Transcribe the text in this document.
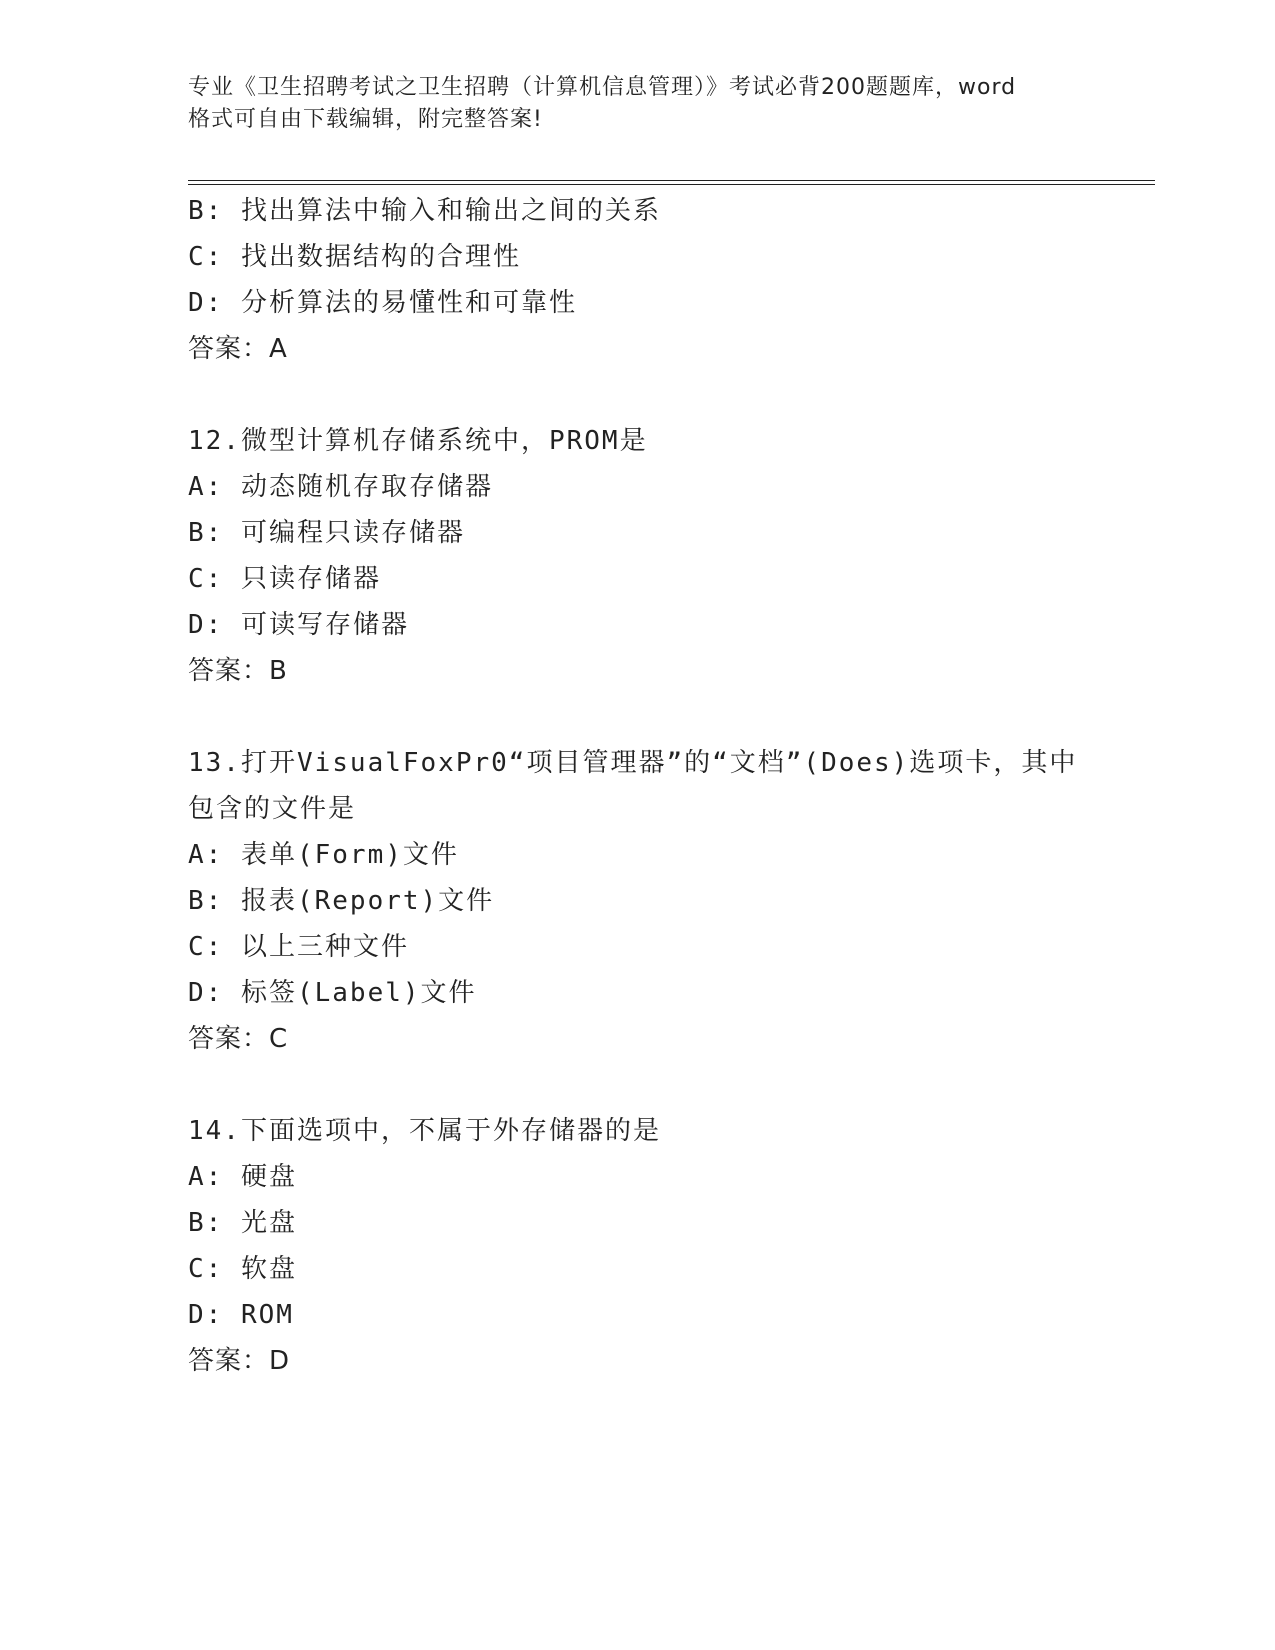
专业《卫生招聘考试之卫生招聘（计算机信息管理）》考试必背200题题库，word
格式可自由下载编辑，附完整答案!
B: 找出算法中输入和输出之间的关系
C: 找出数据结构的合理性
D: 分析算法的易懂性和可靠性
答案：A
12.微型计算机存储系统中，PROM是
A: 动态随机存取存储器
B: 可编程只读存储器
C: 只读存储器
D: 可读写存储器
答案：B
13.打开VisualFoxPr0“项目管理器”的“文档”(Does)选项卡，其中
包含的文件是
A: 表单(Form)文件
B: 报表(Report)文件
C: 以上三种文件
D: 标签(Label)文件
答案：C
14.下面选项中，不属于外存储器的是
A: 硬盘
B: 光盘
C: 软盘
D: ROM
答案：D
